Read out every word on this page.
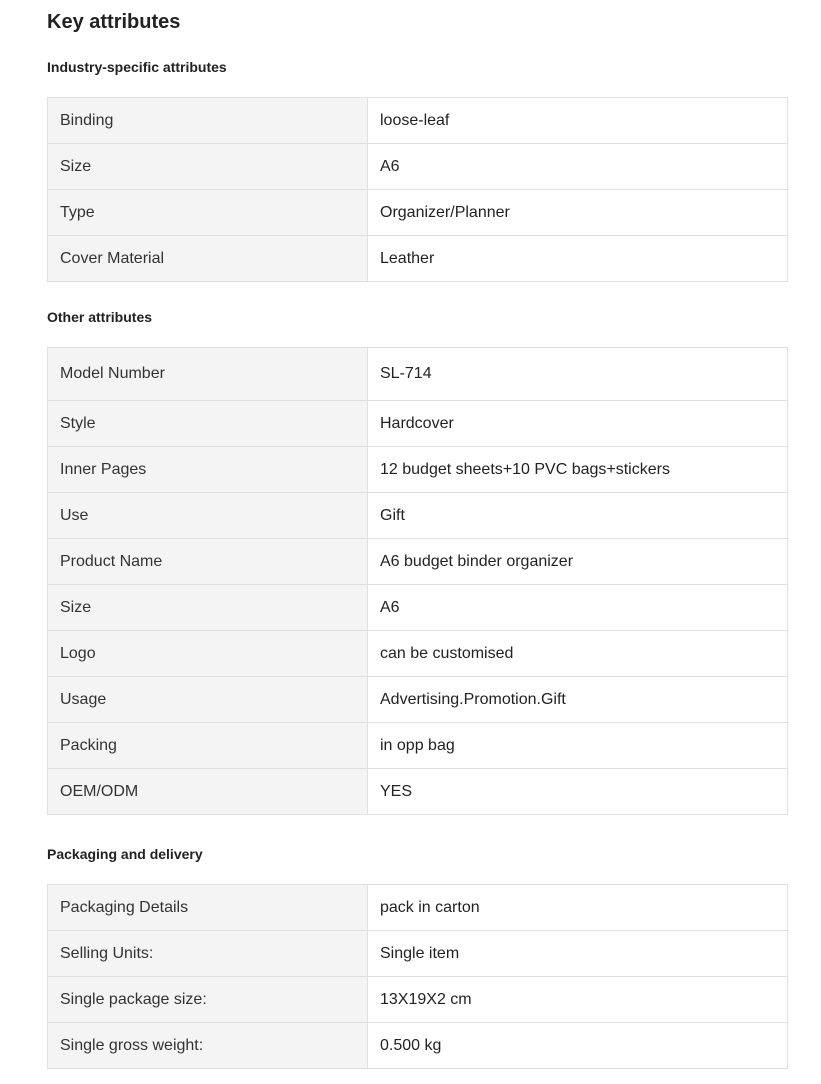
Key attributes
Industry-specific attributes
Binding	loose-leaf
Size	A6
Type	Organizer/Planner
Cover Material	Leather
Other attributes
Model Number	SL-714
Style	Hardcover
Inner Pages	12 budget sheets+10 PVC bags+stickers
Use	Gift
Product Name	A6 budget binder organizer
Size	A6
Logo	can be customised
Usage	Advertising.Promotion.Gift
Packing	in opp bag
OEM/ODM	YES
Packaging and delivery
Packaging Details	pack in carton
Selling Units:	Single item
Single package size:	13X19X2 cm
Single gross weight:	0.500 kg
